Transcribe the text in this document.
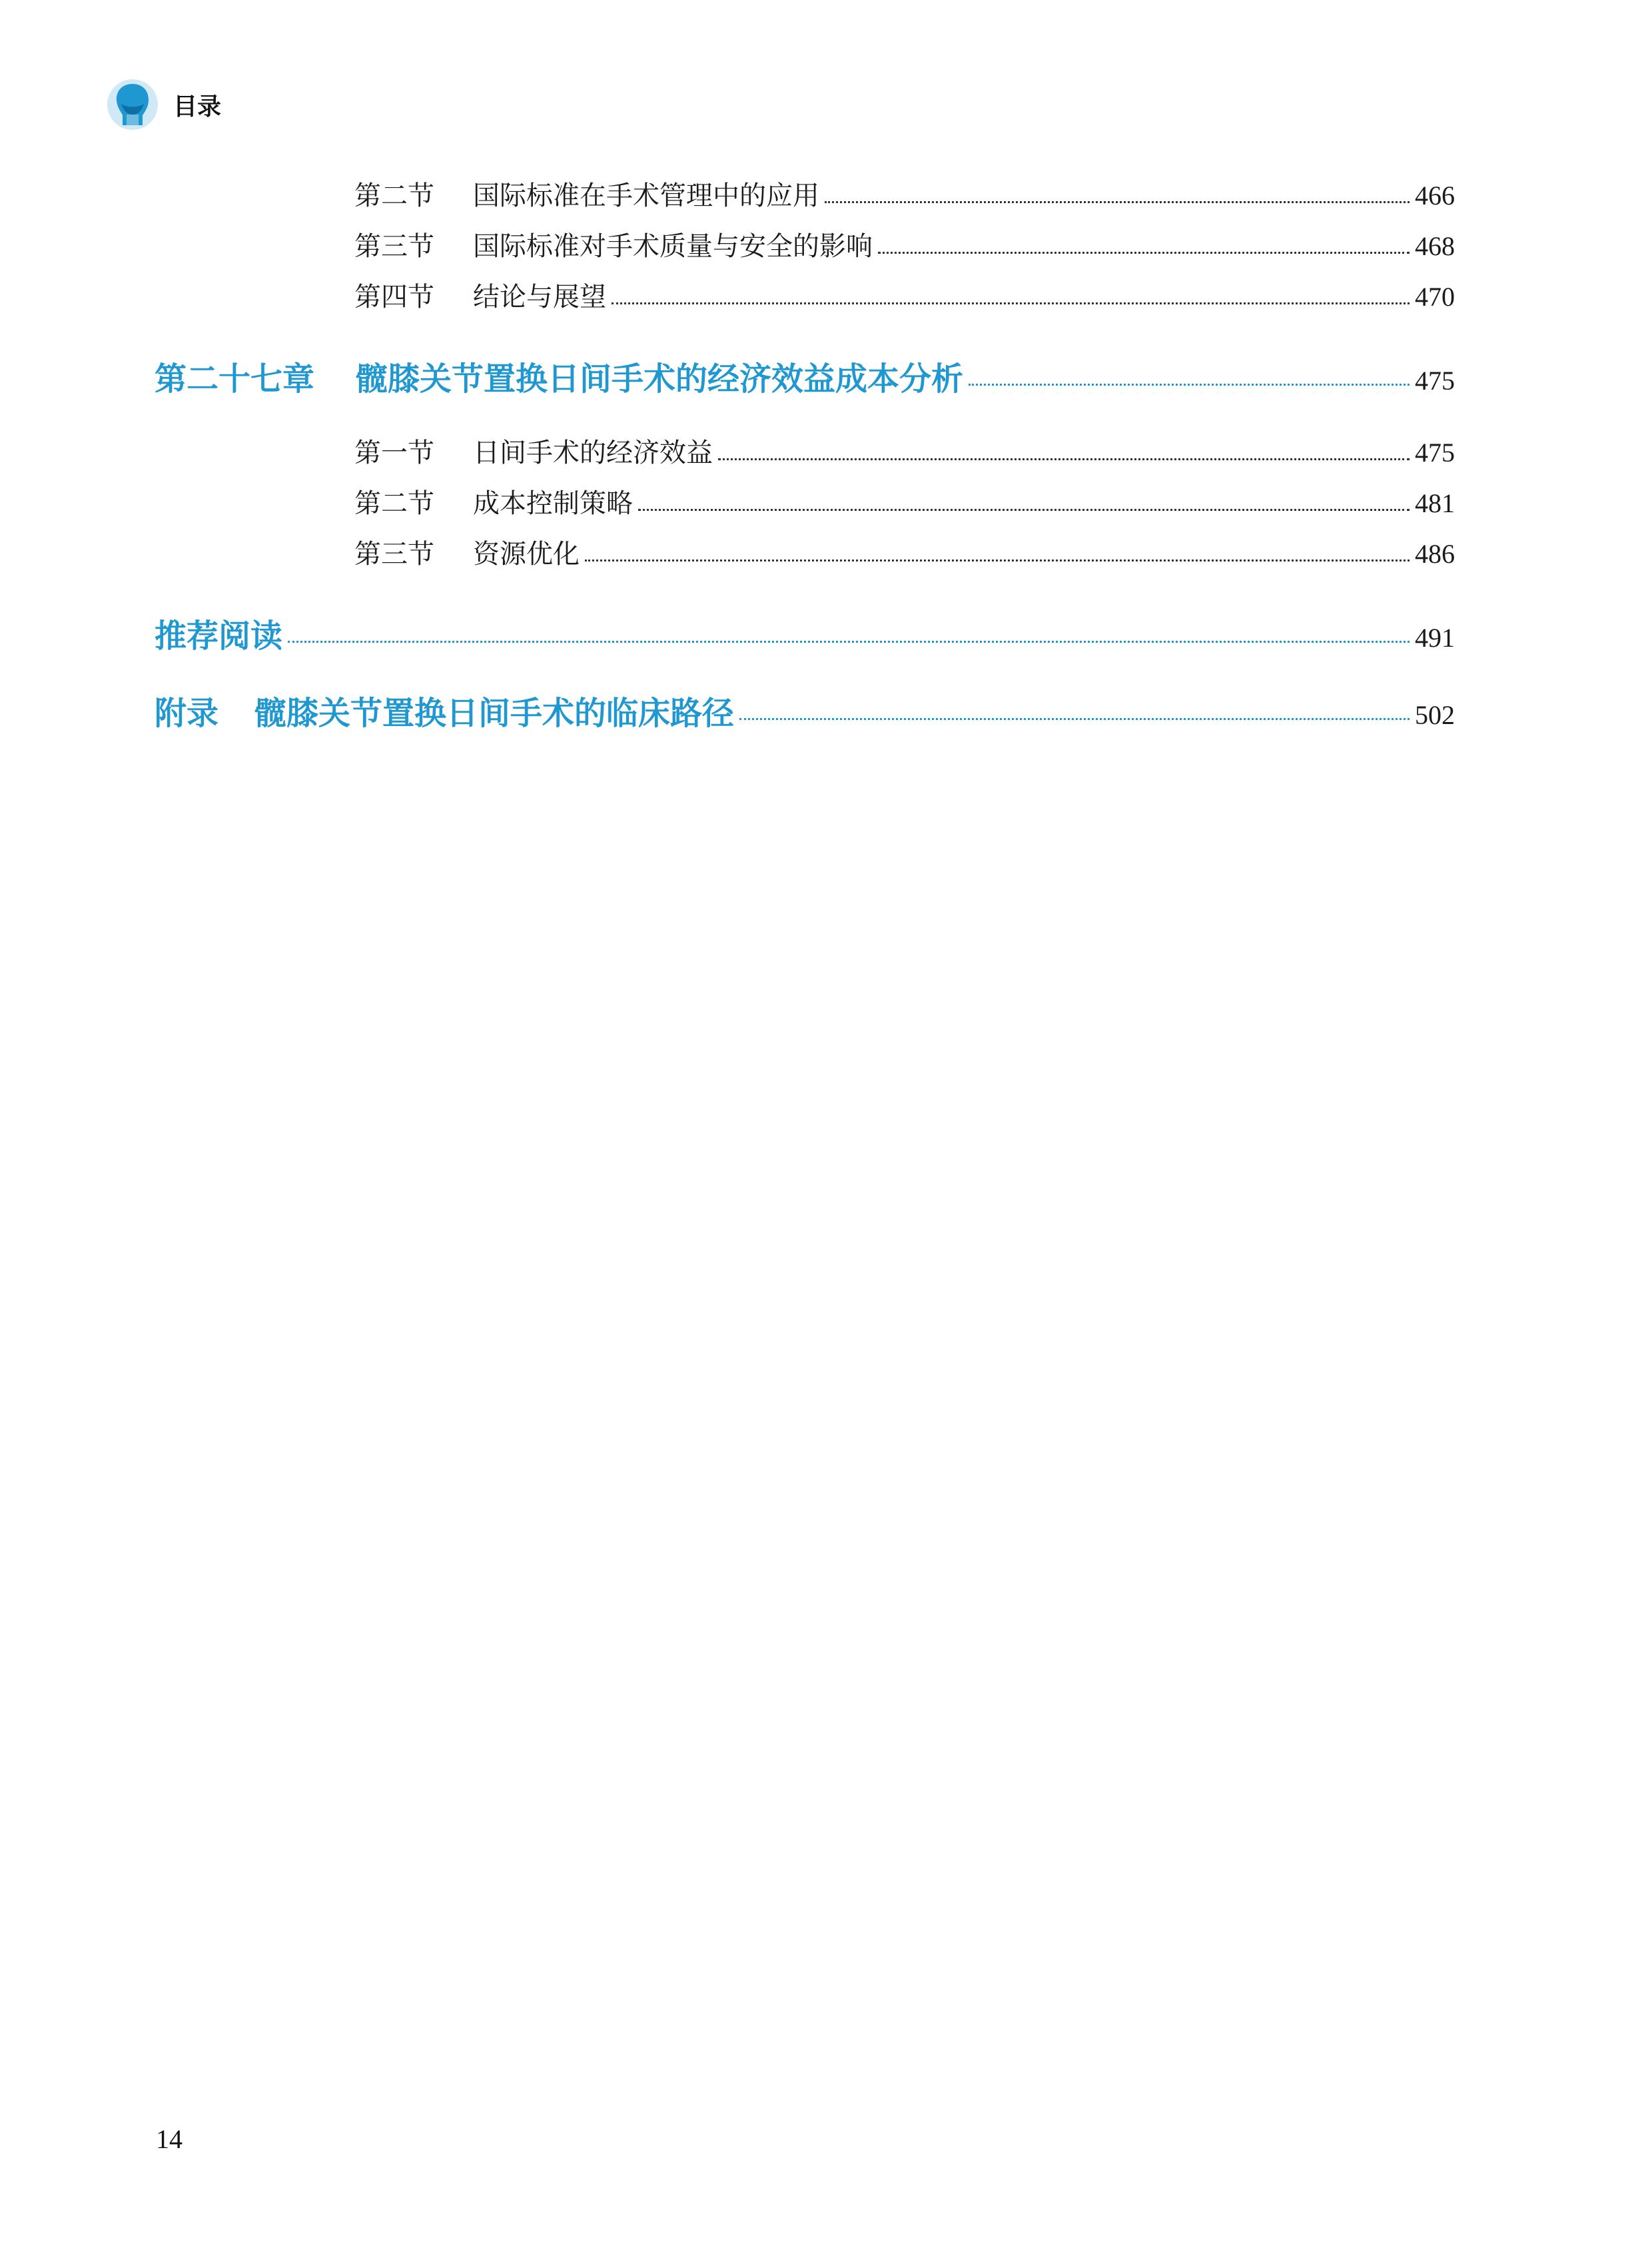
目录
第二节	国际标准在手术管理中的应用	466
第三节	国际标准对手术质量与安全的影响	468
第四节	结论与展望	470
第二十七章	髋膝关节置换日间手术的经济效益成本分析	475
第一节	日间手术的经济效益	475
第二节	成本控制策略	481
第三节	资源优化	486
推荐阅读	491
附录	髋膝关节置换日间手术的临床路径	502
14
